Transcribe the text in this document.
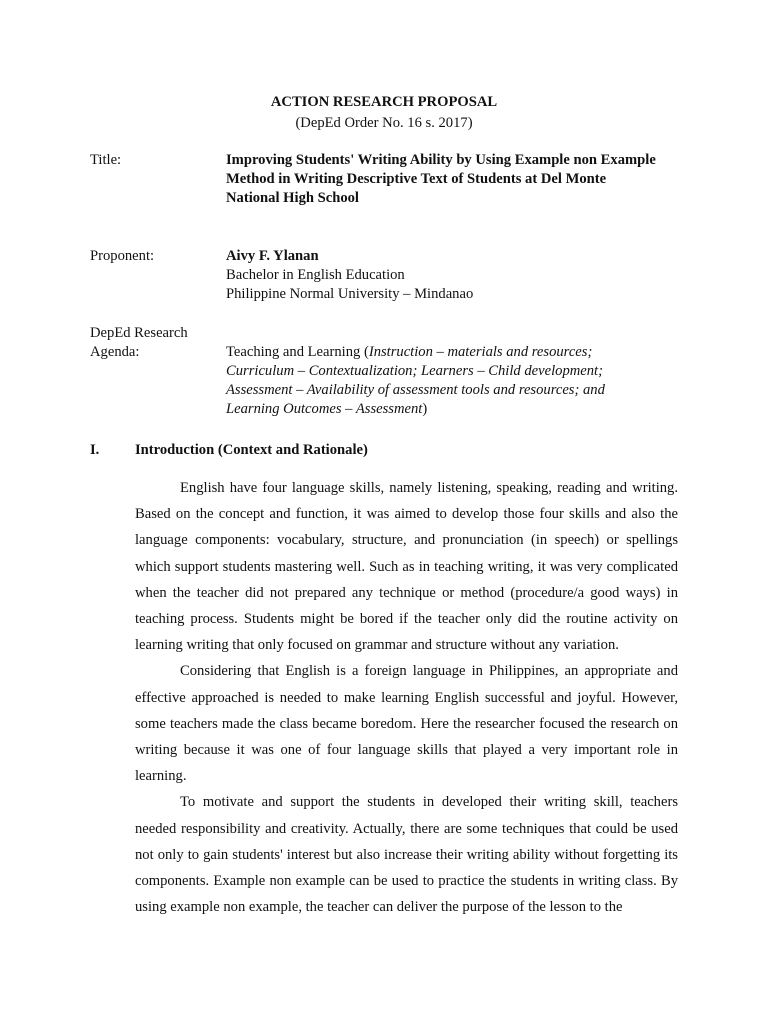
ACTION RESEARCH PROPOSAL
(DepEd Order No. 16 s. 2017)
Title:	Improving Students' Writing Ability by Using Example non Example
Method in Writing Descriptive Text of Students at Del Monte
National High School
Proponent:	Aivy F. Ylanan
Bachelor in English Education
Philippine Normal University – Mindanao
DepEd Research
Agenda:	Teaching and Learning (Instruction – materials and resources;
Curriculum – Contextualization; Learners – Child development;
Assessment – Availability of assessment tools and resources; and
Learning Outcomes – Assessment)
I. Introduction (Context and Rationale)

English have four language skills, namely listening, speaking, reading and writing. Based on the concept and function, it was aimed to develop those four skills and also the language components: vocabulary, structure, and pronunciation (in speech) or spellings which support students mastering well. Such as in teaching writing, it was very complicated when the teacher did not prepared any technique or method (procedure/a good ways) in teaching process. Students might be bored if the teacher only did the routine activity on learning writing that only focused on grammar and structure without any variation.

Considering that English is a foreign language in Philippines, an appropriate and effective approached is needed to make learning English successful and joyful. However, some teachers made the class became boredom. Here the researcher focused the research on writing because it was one of four language skills that played a very important role in learning.

To motivate and support the students in developed their writing skill, teachers needed responsibility and creativity. Actually, there are some techniques that could be used not only to gain students' interest but also increase their writing ability without forgetting its components. Example non example can be used to practice the students in writing class. By using example non example, the teacher can deliver the purpose of the lesson to the
